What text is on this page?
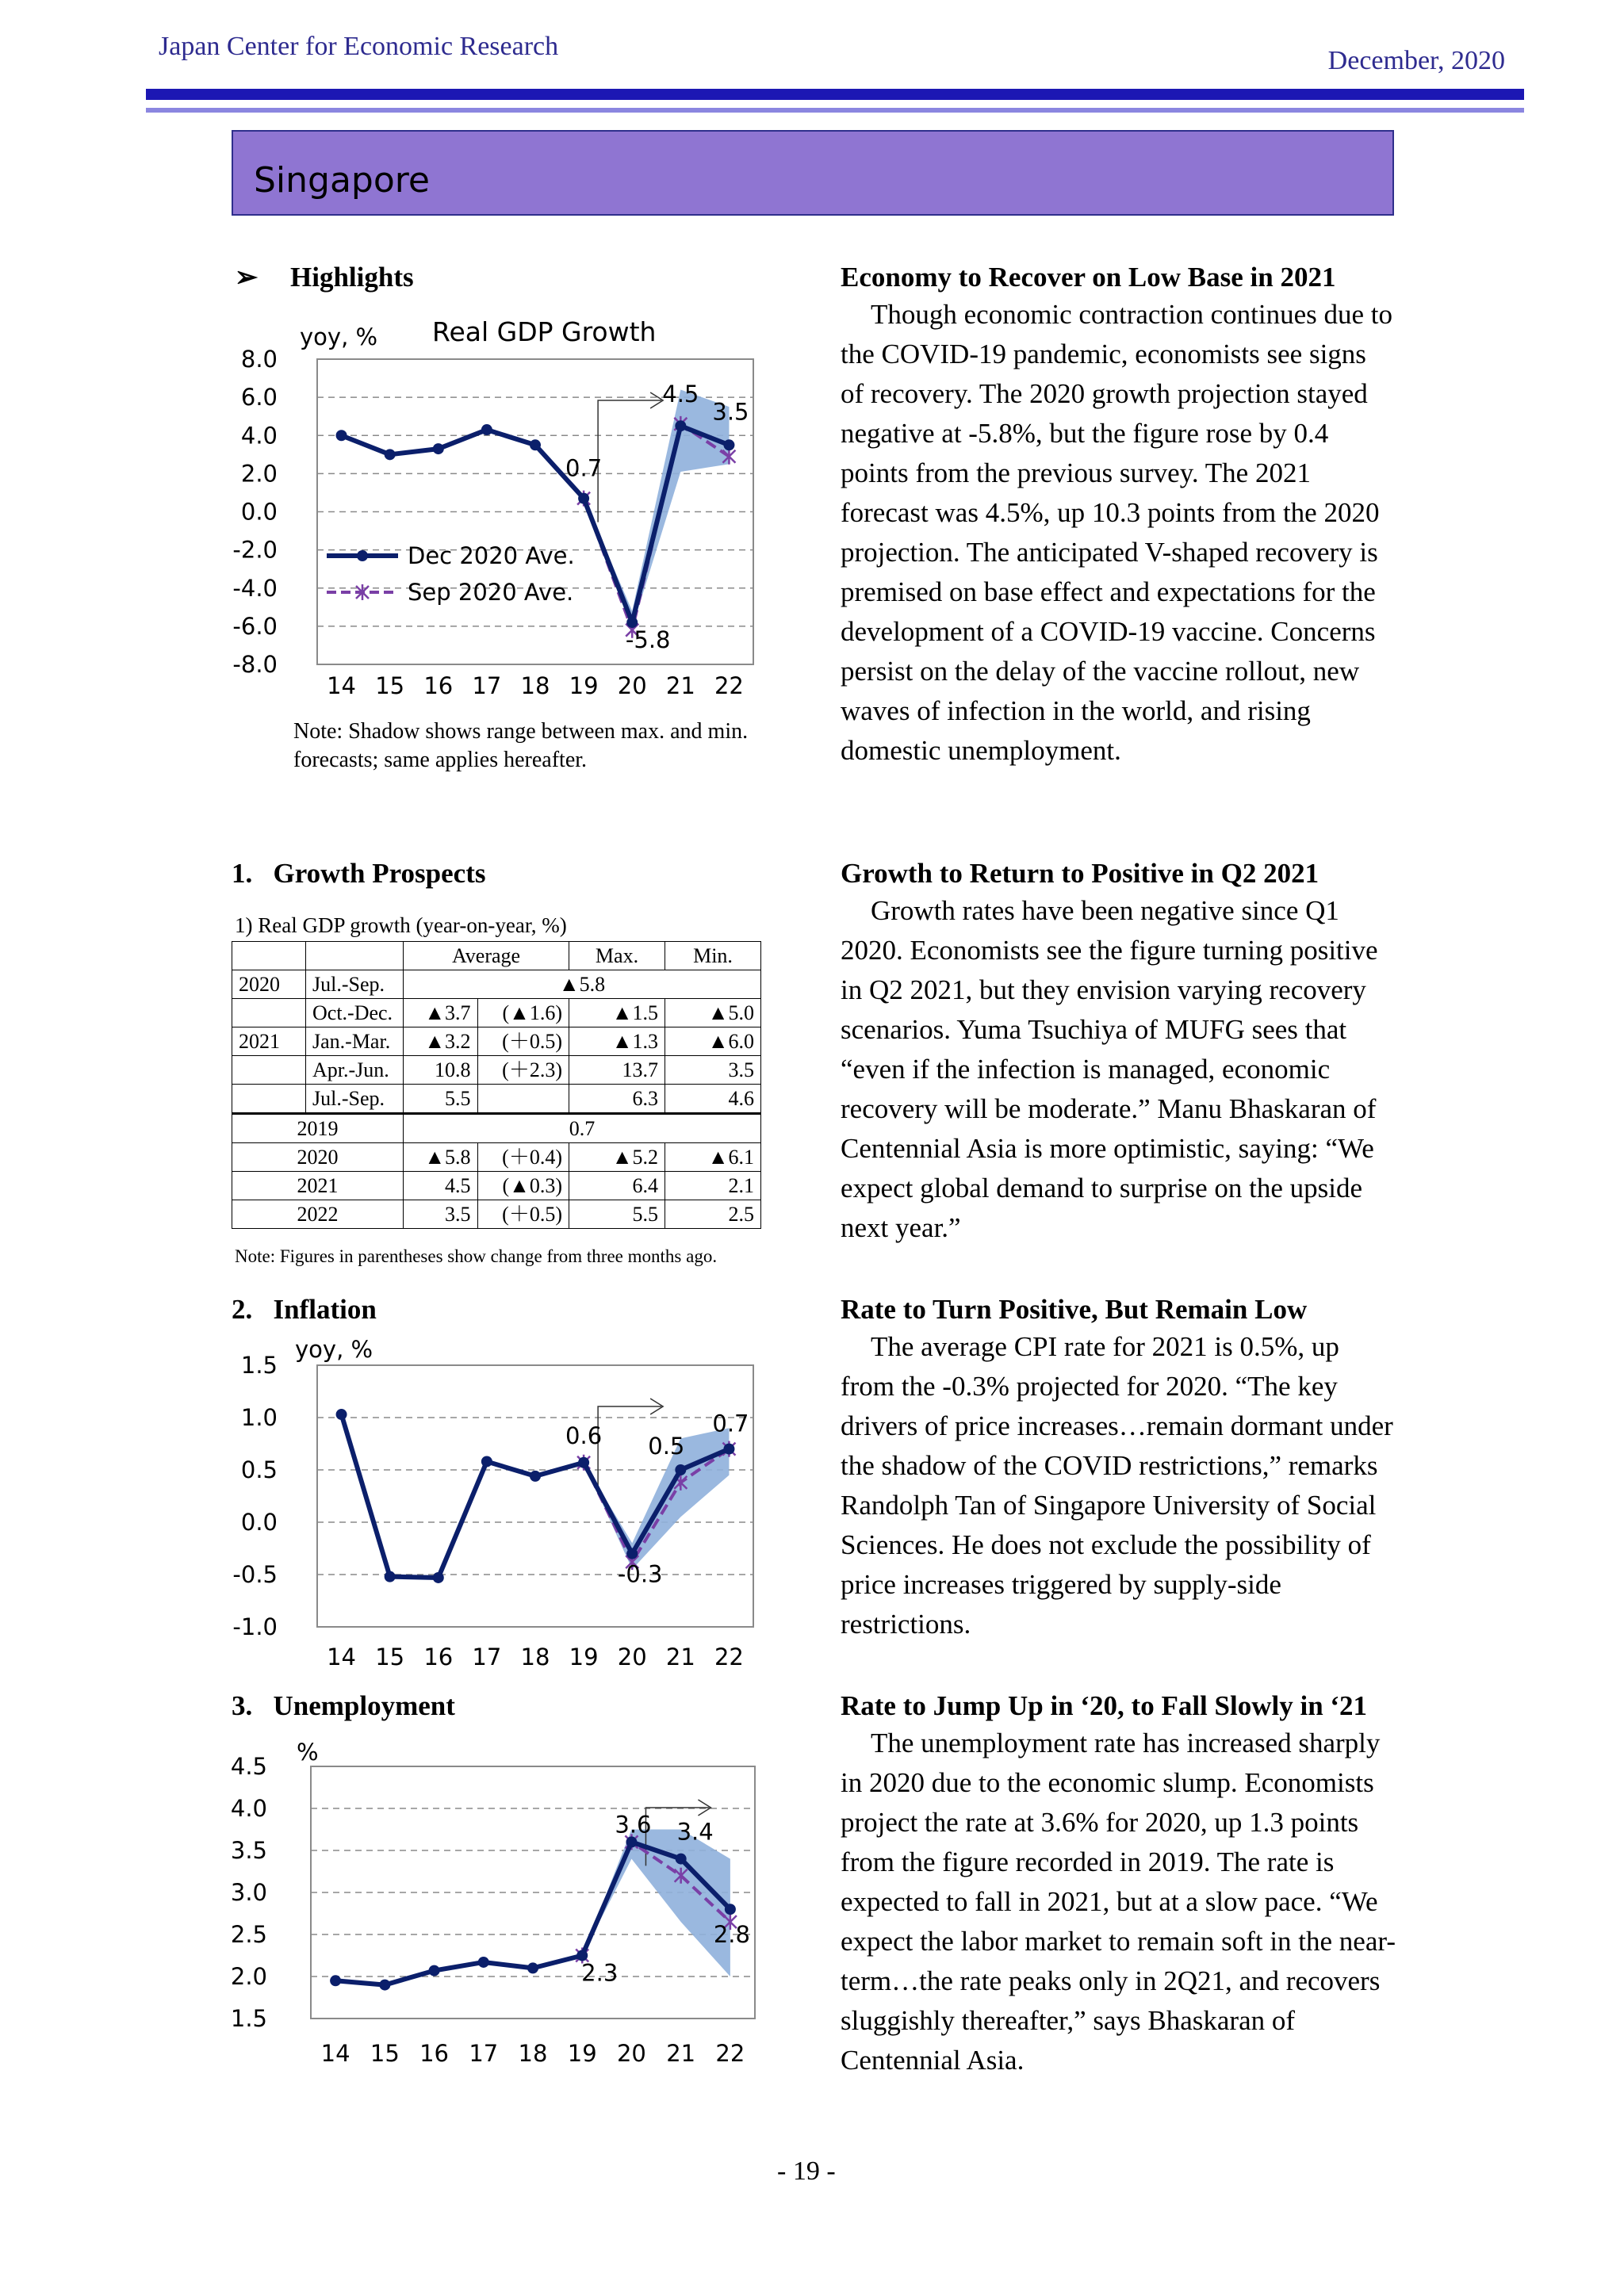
Japan Center for Economic Research	December, 2020
Singapore
➢ Highlights
8.0
6.0
4.0
2.0
0.0
-2.0
-4.0
-6.0
-8.0
14 15 16 17 18 19 20 21 22
yoy, % Real GDP Growth
0.7
-5.8
4.5
3.5
Dec 2020 Ave.
Sep 2020 Ave.
Note: Shadow shows range between max. and min. forecasts; same applies hereafter.
1.   Growth Prospects
1) Real GDP growth (year-on-year, %)
		Average		Max.	Min.
2020	Jul.-Sep.	▲5.8			
	Oct.-Dec.	▲3.7	(▲1.6)	▲1.5	▲5.0
2021	Jan.-Mar.	▲3.2	(＋0.5)	▲1.3	▲6.0
	Apr.-Jun.	10.8	(＋2.3)	13.7	3.5
	Jul.-Sep.	5.5		6.3	4.6
2019		0.7			
2020		▲5.8	(＋0.4)	▲5.2	▲6.1
2021		4.5	(▲0.3)	6.4	2.1
2022		3.5	(＋0.5)	5.5	2.5
Note: Figures in parentheses show change from three months ago.
2.   Inflation
1.5
1.0
0.5
0.0
-0.5
-1.0
14 15 16 17 18 19 20 21 22
yoy, %
0.6
-0.3
0.5
0.7
3.   Unemployment
4.5
4.0
3.5
3.0
2.5
2.0
1.5
14 15 16 17 18 19 20 21 22
%
2.3
3.6 3.4
2.8
Economy to Recover on Low Base in 2021

Though economic contraction continues due to the COVID-19 pandemic, economists see signs of recovery. The 2020 growth projection stayed negative at -5.8%, but the figure rose by 0.4 points from the previous survey. The 2021 forecast was 4.5%, up 10.3 points from the 2020 projection. The anticipated V-shaped recovery is premised on base effect and expectations for the development of a COVID-19 vaccine. Concerns persist on the delay of the vaccine rollout, new waves of infection in the world, and rising domestic unemployment.

Growth to Return to Positive in Q2 2021

Growth rates have been negative since Q1 2020. Economists see the figure turning positive in Q2 2021, but they envision varying recovery scenarios. Yuma Tsuchiya of MUFG sees that “even if the infection is managed, economic recovery will be moderate.” Manu Bhaskaran of Centennial Asia is more optimistic, saying: “We expect global demand to surprise on the upside next year.”

Rate to Turn Positive, But Remain Low

The average CPI rate for 2021 is 0.5%, up from the -0.3% projected for 2020. “The key drivers of price increases…remain dormant under the shadow of the COVID restrictions,” remarks Randolph Tan of Singapore University of Social Sciences. He does not exclude the possibility of price increases triggered by supply-side restrictions.

Rate to Jump Up in ‘20, to Fall Slowly in ‘21

The unemployment rate has increased sharply in 2020 due to the economic slump. Economists project the rate at 3.6% for 2020, up 1.3 points from the figure recorded in 2019. The rate is expected to fall in 2021, but at a slow pace. “We expect the labor market to remain soft in the near-term…the rate peaks only in 2Q21, and recovers sluggishly thereafter,” says Bhaskaran of Centennial Asia.

- 19 -
